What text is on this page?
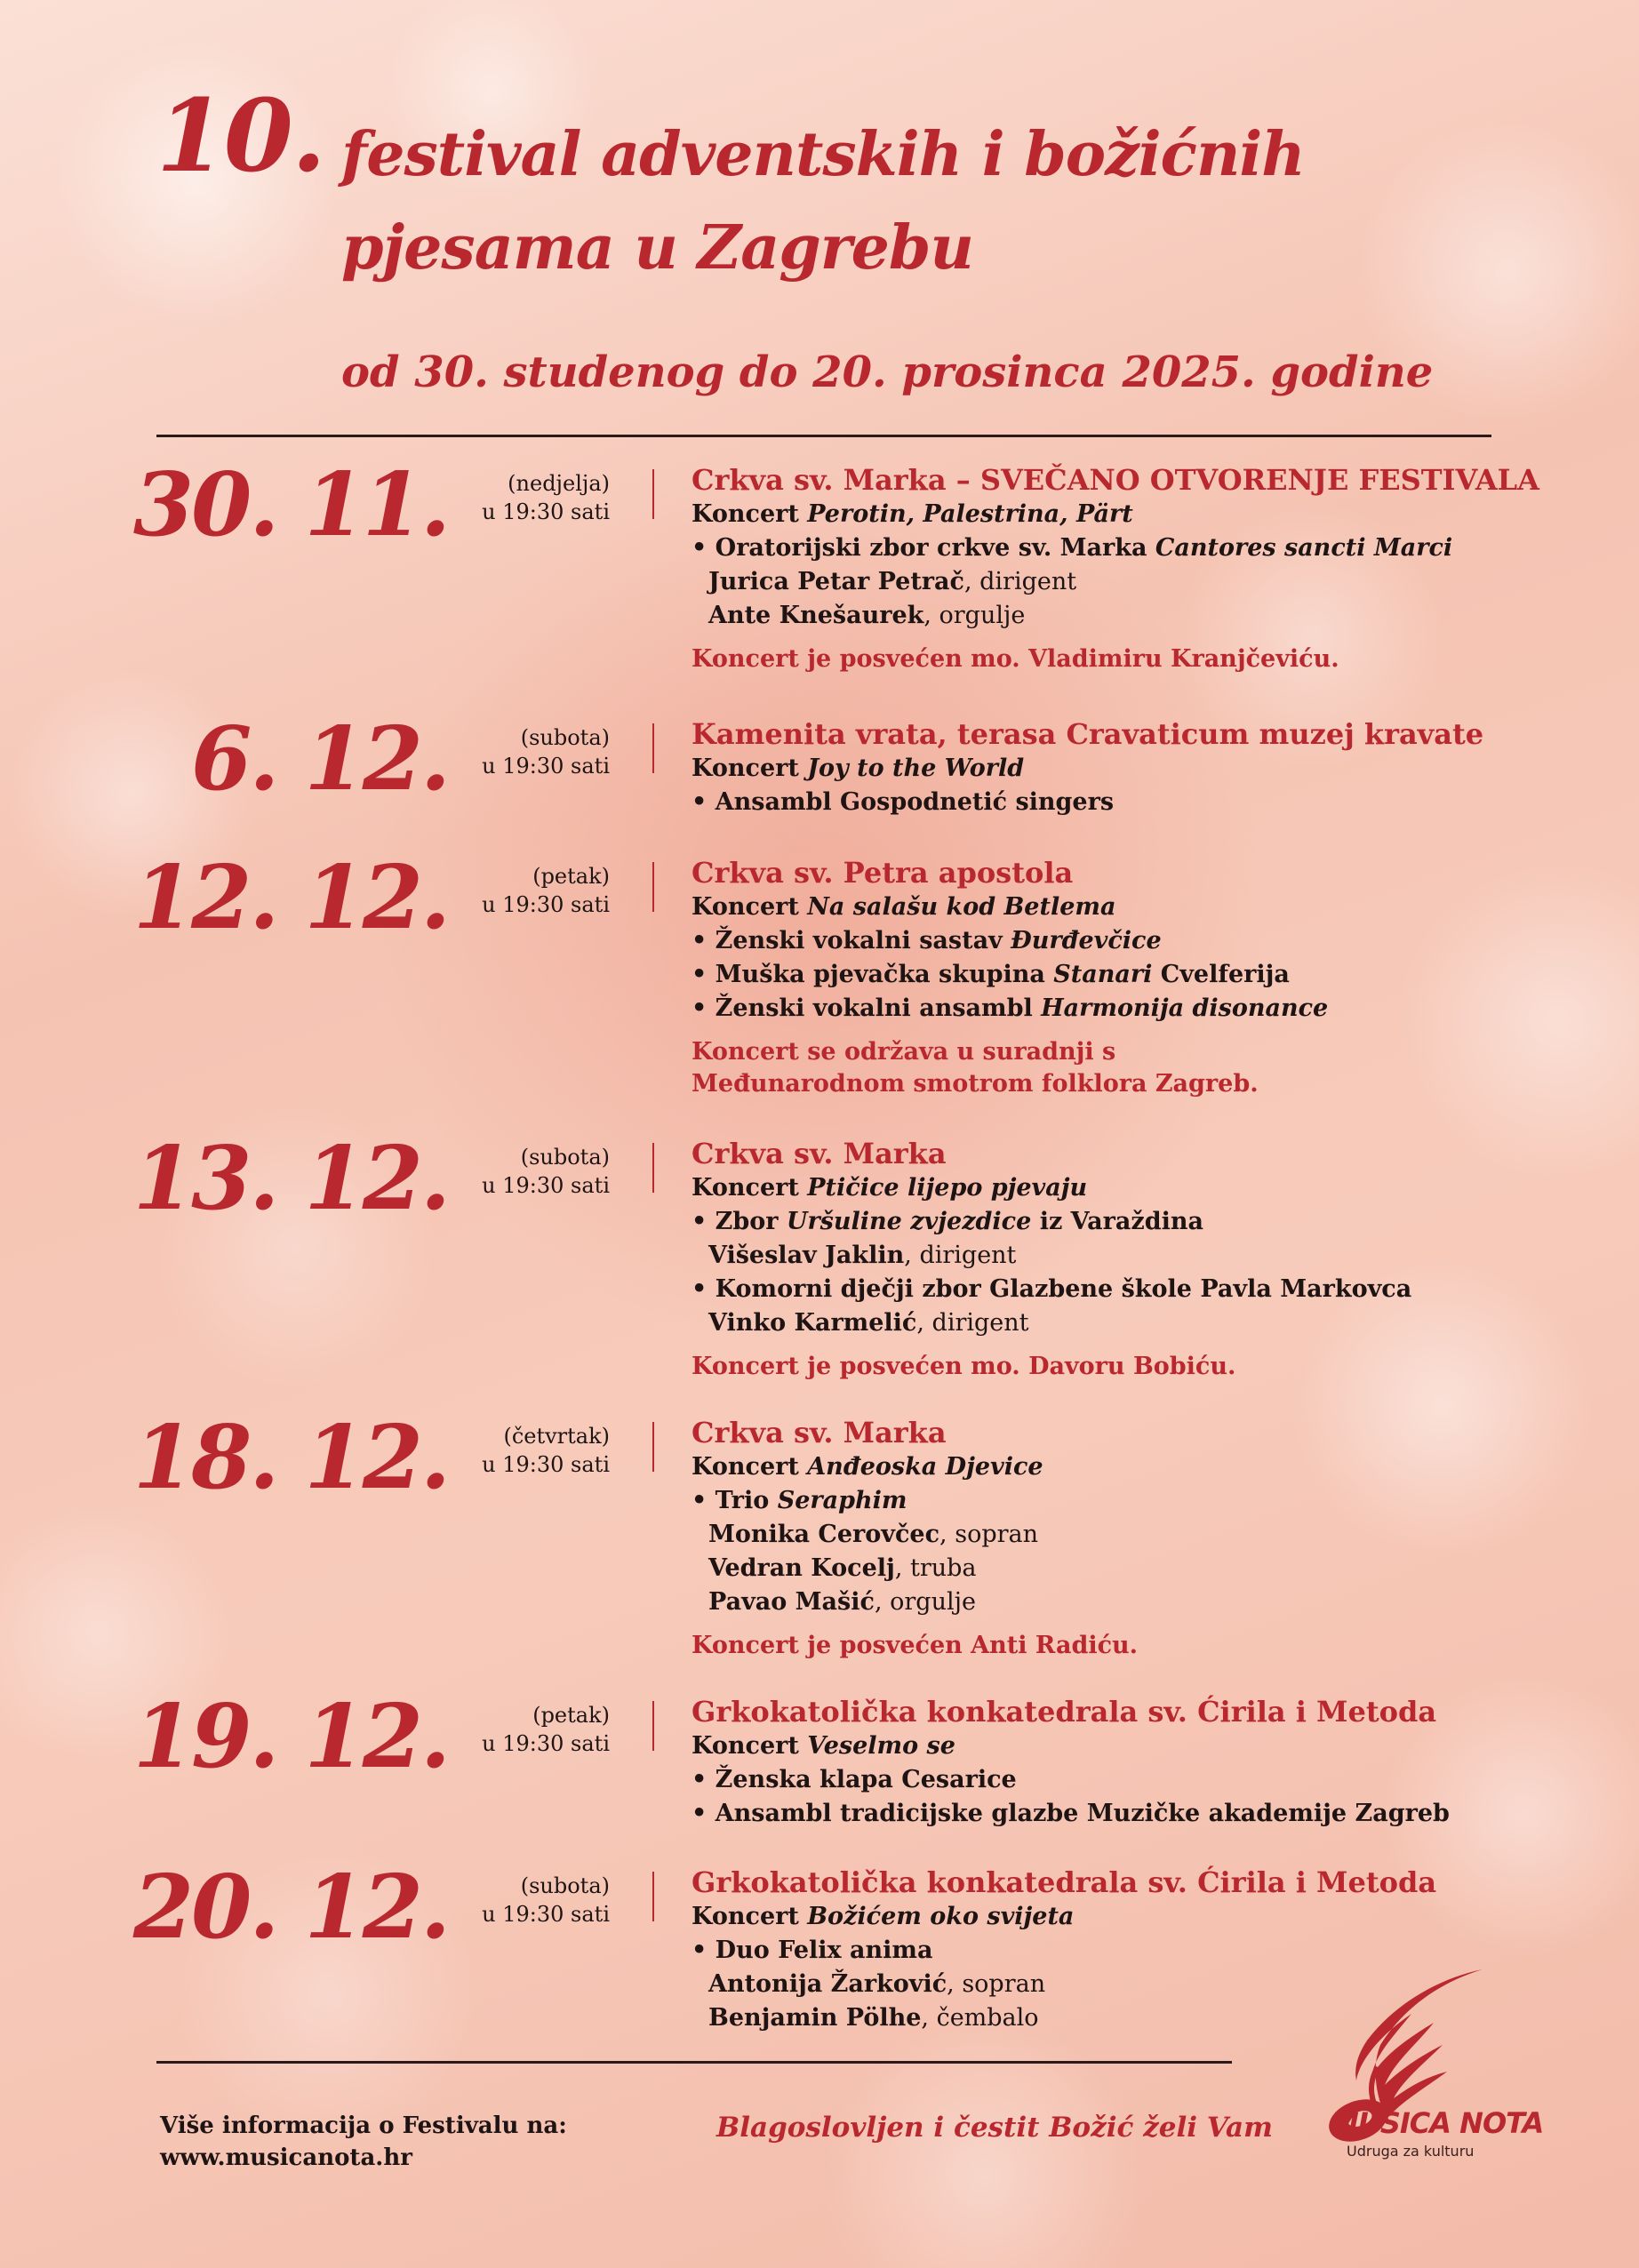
10. festival adventskih i božićnih
pjesama u Zagrebu
od 30. studenog do 20. prosinca 2025. godine
30. 11.	(nedjelja)
u 19:30 sati
Crkva sv. Marka – SVEČANO OTVORENJE FESTIVALA
Koncert Perotin, Palestrina, Pärt
• Oratorijski zbor crkve sv. Marka Cantores sancti Marci
Jurica Petar Petrač, dirigent
Ante Knešaurek, orgulje
Koncert je posvećen mo. Vladimiru Kranjčeviću.
6. 12.	(subota)
u 19:30 sati
Kamenita vrata, terasa Cravaticum muzej kravate
Koncert Joy to the World
• Ansambl Gospodnetić singers
12. 12.	(petak)
u 19:30 sati
Crkva sv. Petra apostola
Koncert Na salašu kod Betlema
• Ženski vokalni sastav Đurđevčice
• Muška pjevačka skupina Stanari Cvelferija
• Ženski vokalni ansambl Harmonija disonance
Koncert se održava u suradnji s
Međunarodnom smotrom folklora Zagreb.
13. 12.	(subota)
u 19:30 sati
Crkva sv. Marka
Koncert Ptičice lijepo pjevaju
• Zbor Uršuline zvjezdice iz Varaždina
Višeslav Jaklin, dirigent
• Komorni dječji zbor Glazbene škole Pavla Markovca
Vinko Karmelić, dirigent
Koncert je posvećen mo. Davoru Bobiću.
18. 12.	(četvrtak)
u 19:30 sati
Crkva sv. Marka
Koncert Anđeoska Djevice
• Trio Seraphim
Monika Cerovčec, sopran
Vedran Kocelj, truba
Pavao Mašić, orgulje
Koncert je posvećen Anti Radiću.
19. 12.	(petak)
u 19:30 sati
Grkokatolička konkatedrala sv. Ćirila i Metoda
Koncert Veselmo se
• Ženska klapa Cesarice
• Ansambl tradicijske glazbe Muzičke akademije Zagreb
20. 12.	(subota)
u 19:30 sati
Grkokatolička konkatedrala sv. Ćirila i Metoda
Koncert Božićem oko svijeta
• Duo Felix anima
Antonija Žarković, sopran
Benjamin Pölhe, čembalo
Više informacija o Festivalu na:
www.musicanota.hr
Blagoslovljen i čestit Božić želi Vam MUSICA NOTA
Udruga za kulturu
